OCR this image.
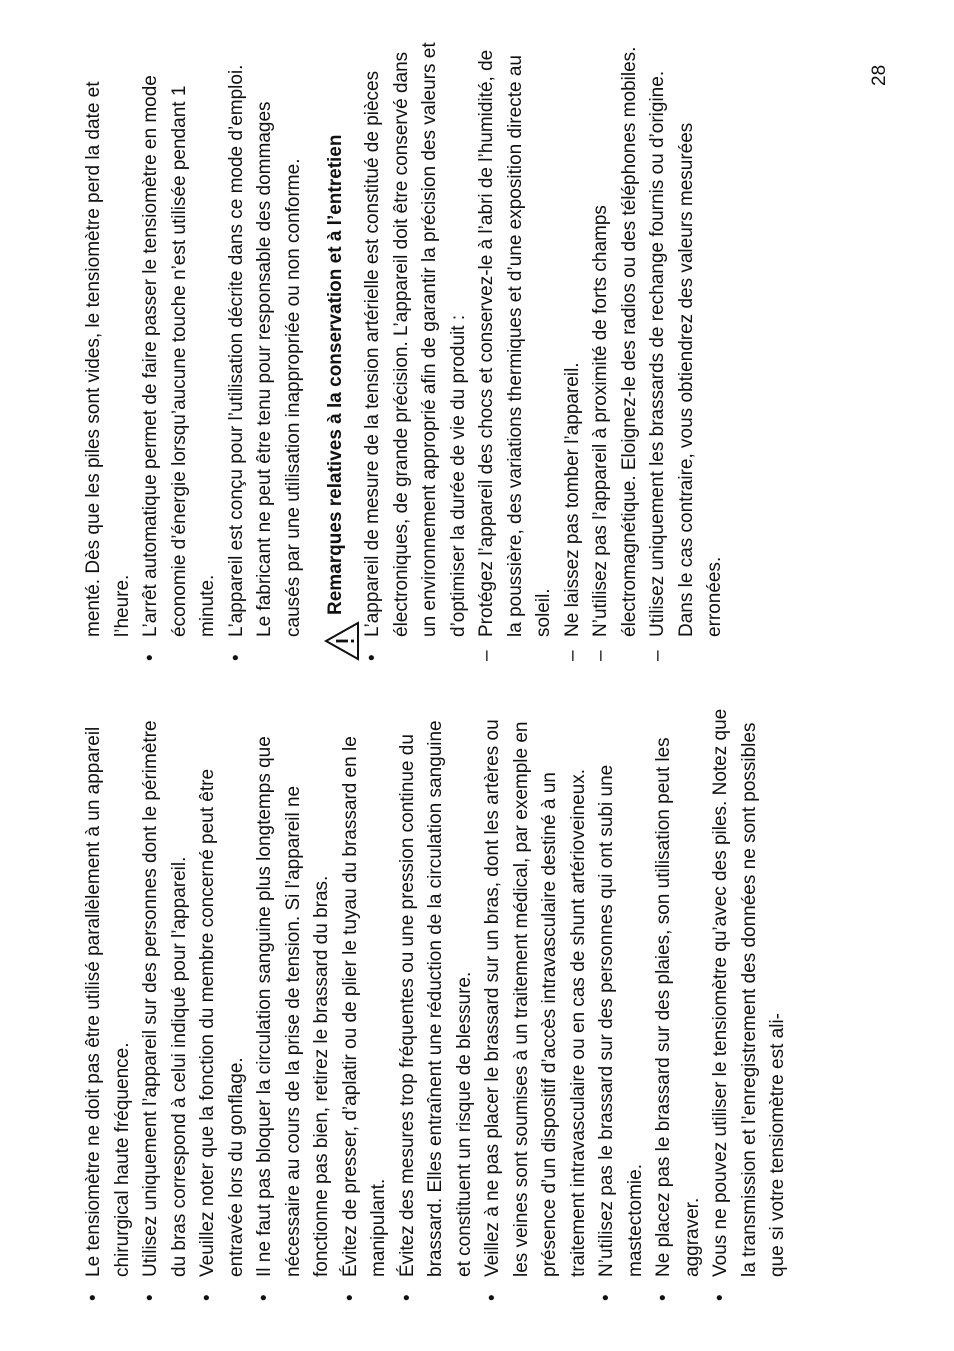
•
Le tensiomètre ne doit pas être utilisé parallèlement à un appareil chirurgical haute fréquence.
•
Utilisez uniquement l’appareil sur des personnes dont le périmètre du bras correspond à celui indiqué pour l’appareil.
•
Veuillez noter que la fonction du membre concerné peut être entravée lors du gonflage.
•
Il ne faut pas bloquer la circulation sanguine plus longtemps que nécessaire au cours de la prise de tension. Si l’appareil ne fonctionne pas bien, retirez le brassard du bras.
•
Évitez de presser, d’aplatir ou de plier le tuyau du brassard en le manipulant.
•
Évitez des mesures trop fréquentes ou une pression continue du brassard. Elles entraînent une réduction de la circulation sanguine et constituent un risque de blessure.
•
Veillez à ne pas placer le brassard sur un bras, dont les artères ou les veines sont soumises à un traitement médical, par exemple en présence d’un dispositif d’accès intravasculaire destiné à un traitement intravasculaire ou en cas de shunt artérioveineux.
•
N’utilisez pas le brassard sur des personnes qui ont subi une mastectomie.
•
Ne placez pas le brassard sur des plaies, son utilisation peut les aggraver.
•
Vous ne pouvez utiliser le tensiomètre qu’avec des piles. Notez que la transmission et l’enregistrement des données ne sont possibles que si votre tensiomètre est ali-
menté. Dès que les piles sont vides, le tensiomètre perd la date et l’heure.
•
L’arrêt automatique permet de faire passer le tensiomètre en mode économie d’énergie lorsqu’aucune touche n’est utilisée pendant 1 minute.
•
L’appareil est conçu pour l’utilisation décrite dans ce mode d’emploi. Le fabricant ne peut être tenu pour responsable des dommages causés par une utilisation inappropriée ou non conforme. Remarques relatives à la conservation et à l’entretien
•
L’appareil de mesure de la tension artérielle est constitué de pièces électroniques, de grande précision. L’appareil doit être conservé dans un environnement approprié afin de garantir la précision des valeurs et d’optimiser la durée de vie du produit :
–
Protégez l’appareil des chocs et conservez-le à l’abri de l’humidité, de la poussière, des variations thermiques et d’une exposition directe au soleil.
–
Ne laissez pas tomber l’appareil.
–
N’utilisez pas l’appareil à proximité de forts champs électromagnétique. Eloignez-le des radios ou des téléphones mobiles.
–
Utilisez uniquement les brassards de rechange fournis ou d’origine. Dans le cas contraire, vous obtiendrez des valeurs mesurées erronées.
28
